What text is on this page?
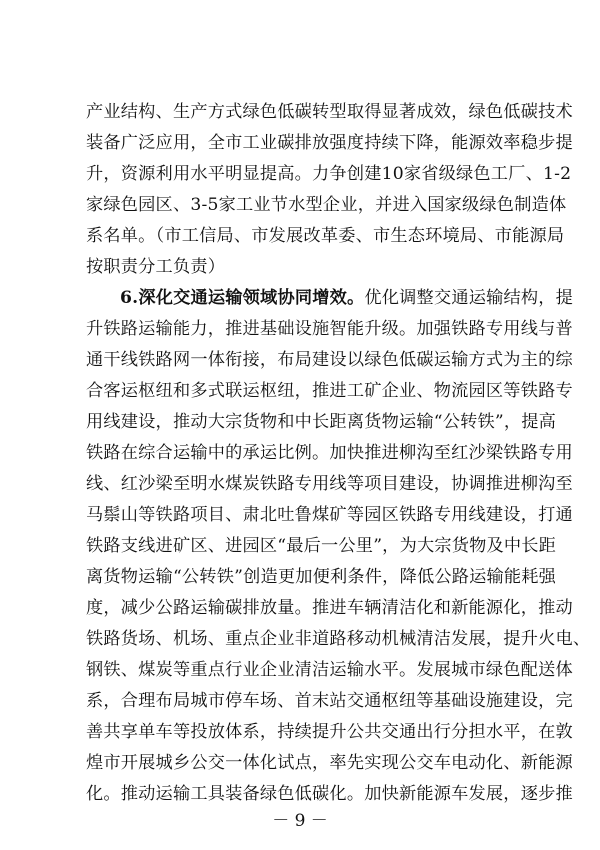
产业结构、生产方式绿色低碳转型取得显著成效，绿色低碳技术
装备广泛应用，全市工业碳排放强度持续下降，能源效率稳步提
升，资源利用水平明显提高。力争创建10家省级绿色工厂、1-2
家绿色园区、3-5家工业节水型企业，并进入国家级绿色制造体
系名单。（市工信局、市发展改革委、市生态环境局、市能源局
按职责分工负责）
6.深化交通运输领域协同增效。优化调整交通运输结构，提
升铁路运输能力，推进基础设施智能升级。加强铁路专用线与普
通干线铁路网一体衔接，布局建设以绿色低碳运输方式为主的综
合客运枢纽和多式联运枢纽，推进工矿企业、物流园区等铁路专
用线建设，推动大宗货物和中长距离货物运输“公转铁”，提高
铁路在综合运输中的承运比例。加快推进柳沟至红沙梁铁路专用
线、红沙梁至明水煤炭铁路专用线等项目建设，协调推进柳沟至
马鬃山等铁路项目、肃北吐鲁煤矿等园区铁路专用线建设，打通
铁路支线进矿区、进园区“最后一公里”，为大宗货物及中长距
离货物运输“公转铁”创造更加便利条件，降低公路运输能耗强
度，减少公路运输碳排放量。推进车辆清洁化和新能源化，推动
铁路货场、机场、重点企业非道路移动机械清洁发展，提升火电、
钢铁、煤炭等重点行业企业清洁运输水平。发展城市绿色配送体
系，合理布局城市停车场、首末站交通枢纽等基础设施建设，完
善共享单车等投放体系，持续提升公共交通出行分担水平，在敦
煌市开展城乡公交一体化试点，率先实现公交车电动化、新能源
化。推动运输工具装备绿色低碳化。加快新能源车发展，逐步推
－ 9 －
